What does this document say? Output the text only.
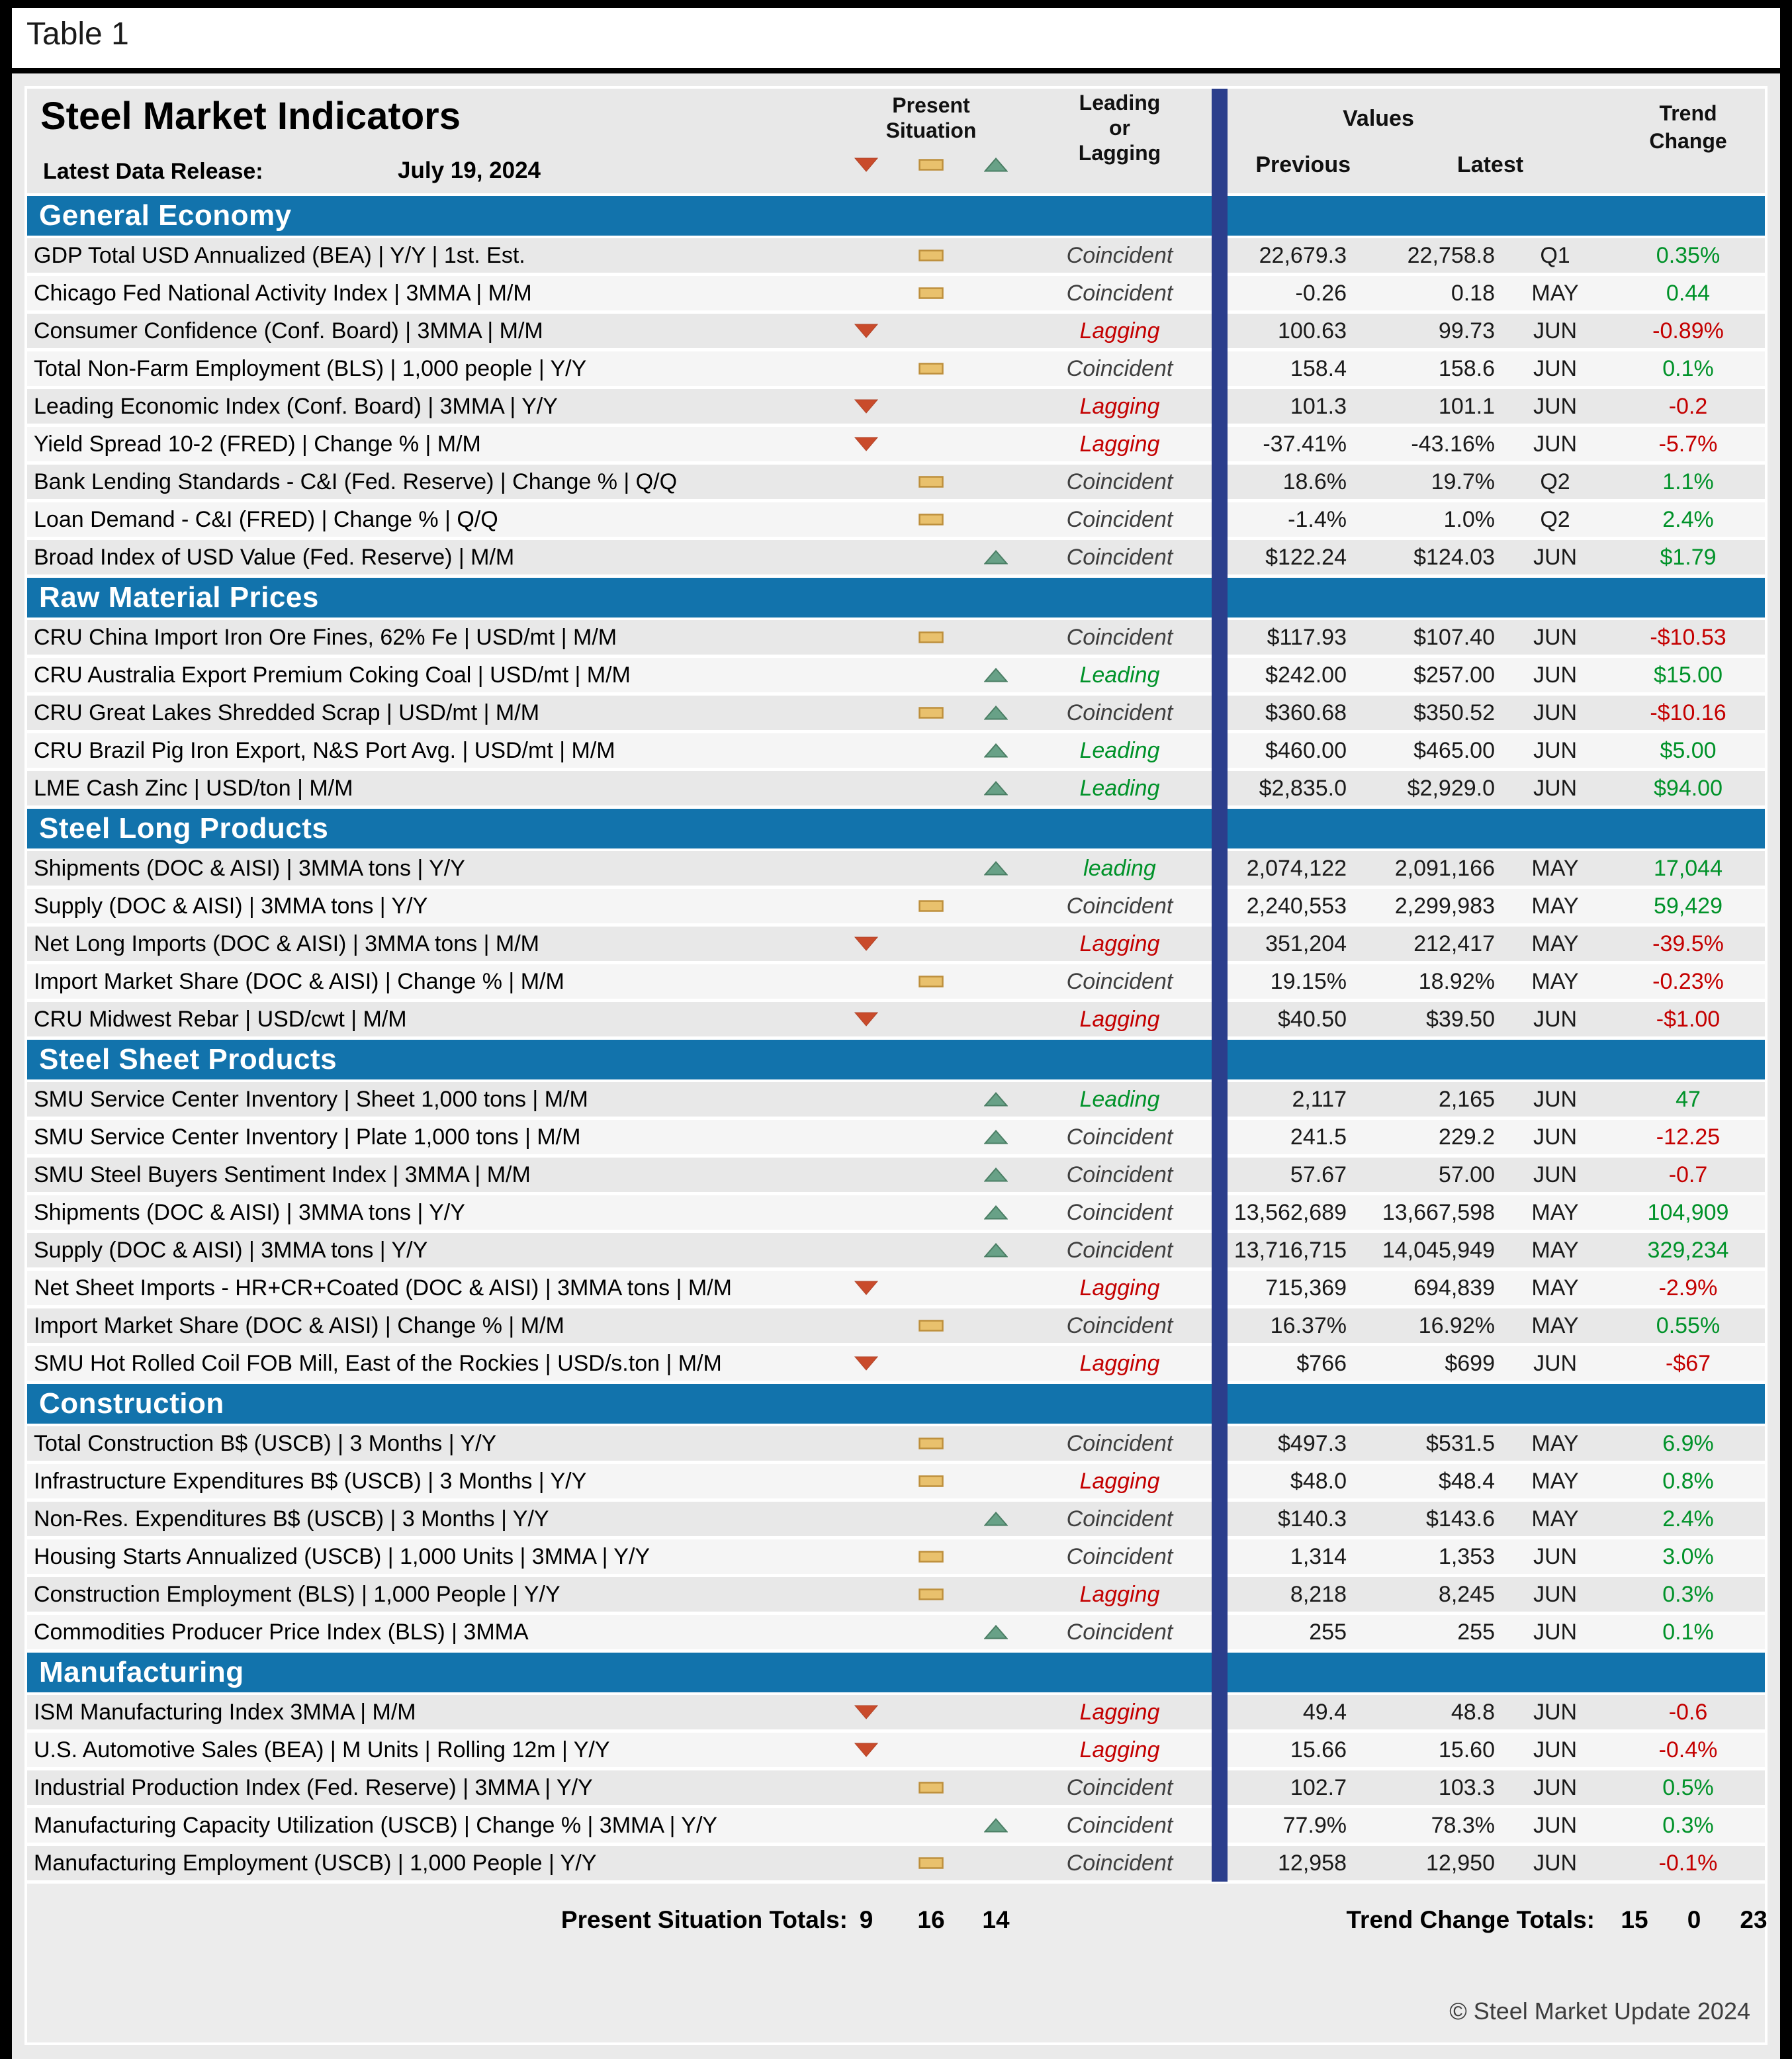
Table 1
Steel Market Indicators
Latest Data Release:	July 19, 2024
Present
Situation
Leading
or
Lagging
Values
Previous	Latest
Trend
Change
General Economy
GDP Total USD Annualized (BEA) | Y/Y | 1st. Est.	Coincident	22,679.3	22,758.8	Q1	0.35%
Chicago Fed National Activity Index | 3MMA | M/M	Coincident	-0.26	0.18	MAY	0.44
Consumer Confidence (Conf. Board) | 3MMA | M/M	Lagging	100.63	99.73	JUN	-0.89%
Total Non-Farm Employment (BLS) | 1,000 people | Y/Y	Coincident	158.4	158.6	JUN	0.1%
Leading Economic Index (Conf. Board) | 3MMA | Y/Y	Lagging	101.3	101.1	JUN	-0.2
Yield Spread 10-2 (FRED) | Change % | M/M	Lagging	-37.41%	-43.16%	JUN	-5.7%
Bank Lending Standards - C&I (Fed. Reserve) | Change % | Q/Q	Coincident	18.6%	19.7%	Q2	1.1%
Loan Demand - C&I (FRED) | Change % | Q/Q	Coincident	-1.4%	1.0%	Q2	2.4%
Broad Index of USD Value (Fed. Reserve) | M/M	Coincident	$122.24	$124.03	JUN	$1.79
Raw Material Prices
CRU China Import Iron Ore Fines, 62% Fe | USD/mt | M/M	Coincident	$117.93	$107.40	JUN	-$10.53
CRU Australia Export Premium Coking Coal | USD/mt | M/M	Leading	$242.00	$257.00	JUN	$15.00
CRU Great Lakes Shredded Scrap | USD/mt | M/M	Coincident	$360.68	$350.52	JUN	-$10.16
CRU Brazil Pig Iron Export, N&S Port Avg. | USD/mt | M/M	Leading	$460.00	$465.00	JUN	$5.00
LME Cash Zinc | USD/ton | M/M	Leading	$2,835.0	$2,929.0	JUN	$94.00
Steel Long Products
Shipments (DOC & AISI) | 3MMA tons | Y/Y	leading	2,074,122	2,091,166	MAY	17,044
Supply (DOC & AISI) | 3MMA tons | Y/Y	Coincident	2,240,553	2,299,983	MAY	59,429
Net Long Imports (DOC & AISI) | 3MMA tons | M/M	Lagging	351,204	212,417	MAY	-39.5%
Import Market Share (DOC & AISI) | Change % | M/M	Coincident	19.15%	18.92%	MAY	-0.23%
CRU Midwest Rebar | USD/cwt | M/M	Lagging	$40.50	$39.50	JUN	-$1.00
Steel Sheet Products
SMU Service Center Inventory | Sheet 1,000 tons | M/M	Leading	2,117	2,165	JUN	47
SMU Service Center Inventory | Plate 1,000 tons | M/M	Coincident	241.5	229.2	JUN	-12.25
SMU Steel Buyers Sentiment Index | 3MMA | M/M	Coincident	57.67	57.00	JUN	-0.7
Shipments (DOC & AISI) | 3MMA tons | Y/Y	Coincident	13,562,689	13,667,598	MAY	104,909
Supply (DOC & AISI) | 3MMA tons | Y/Y	Coincident	13,716,715	14,045,949	MAY	329,234
Net Sheet Imports - HR+CR+Coated (DOC & AISI) | 3MMA tons | M/M	Lagging	715,369	694,839	MAY	-2.9%
Import Market Share (DOC & AISI) | Change % | M/M	Coincident	16.37%	16.92%	MAY	0.55%
SMU Hot Rolled Coil FOB Mill, East of the Rockies | USD/s.ton | M/M	Lagging	$766	$699	JUN	-$67
Construction
Total Construction B$ (USCB) | 3 Months | Y/Y	Coincident	$497.3	$531.5	MAY	6.9%
Infrastructure Expenditures B$ (USCB) | 3 Months | Y/Y	Lagging	$48.0	$48.4	MAY	0.8%
Non-Res. Expenditures B$ (USCB) | 3 Months | Y/Y	Coincident	$140.3	$143.6	MAY	2.4%
Housing Starts Annualized (USCB) | 1,000 Units | 3MMA | Y/Y	Coincident	1,314	1,353	JUN	3.0%
Construction Employment (BLS) | 1,000 People | Y/Y	Lagging	8,218	8,245	JUN	0.3%
Commodities Producer Price Index (BLS) | 3MMA	Coincident	255	255	JUN	0.1%
Manufacturing
ISM Manufacturing Index 3MMA | M/M	Lagging	49.4	48.8	JUN	-0.6
U.S. Automotive Sales (BEA) | M Units | Rolling 12m | Y/Y	Lagging	15.66	15.60	JUN	-0.4%
Industrial Production Index (Fed. Reserve) | 3MMA | Y/Y	Coincident	102.7	103.3	JUN	0.5%
Manufacturing Capacity Utilization (USCB) | Change % | 3MMA | Y/Y	Coincident	77.9%	78.3%	JUN	0.3%
Manufacturing Employment (USCB) | 1,000 People | Y/Y	Coincident	12,958	12,950	JUN	-0.1%
Present Situation Totals: 9	16	14	Trend Change Totals: 15	0	23
© Steel Market Update 2024
